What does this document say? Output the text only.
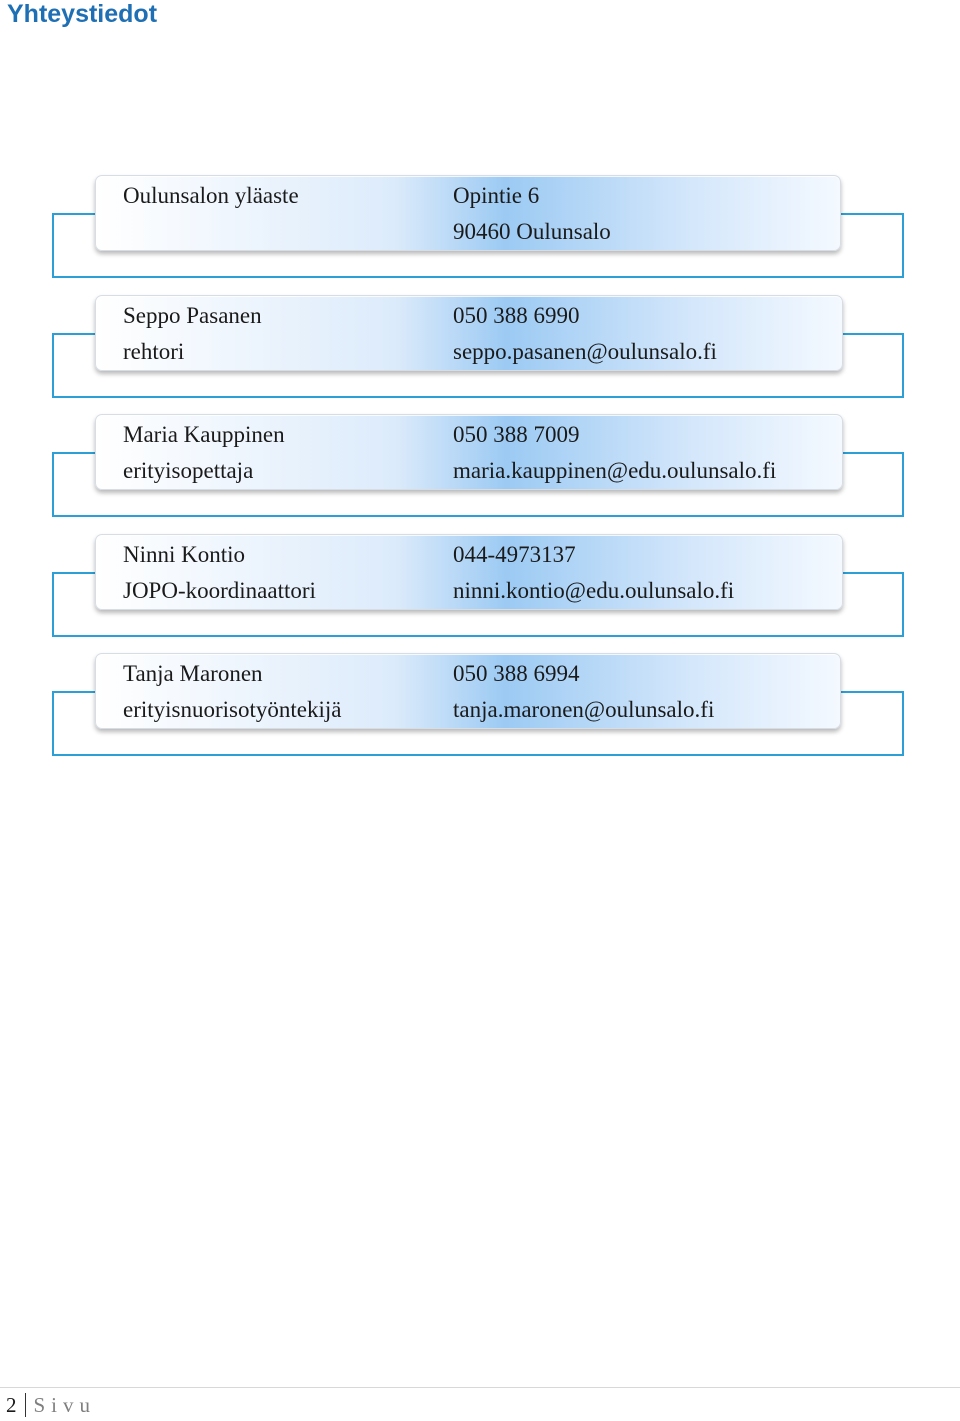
Yhteystiedot
Oulunsalon yläaste	Opintie 6
90460 Oulunsalo
Seppo Pasanen
rehtori
050 388 6990
seppo.pasanen@oulunsalo.fi
Maria Kauppinen
erityisopettaja
050 388 7009
maria.kauppinen@edu.oulunsalo.fi
Ninni Kontio
JOPO-koordinaattori
044-4973137
ninni.kontio@edu.oulunsalo.fi
Tanja Maronen
erityisnuorisotyöntekijä
050 388 6994
tanja.maronen@oulunsalo.fi
2 Sivu
